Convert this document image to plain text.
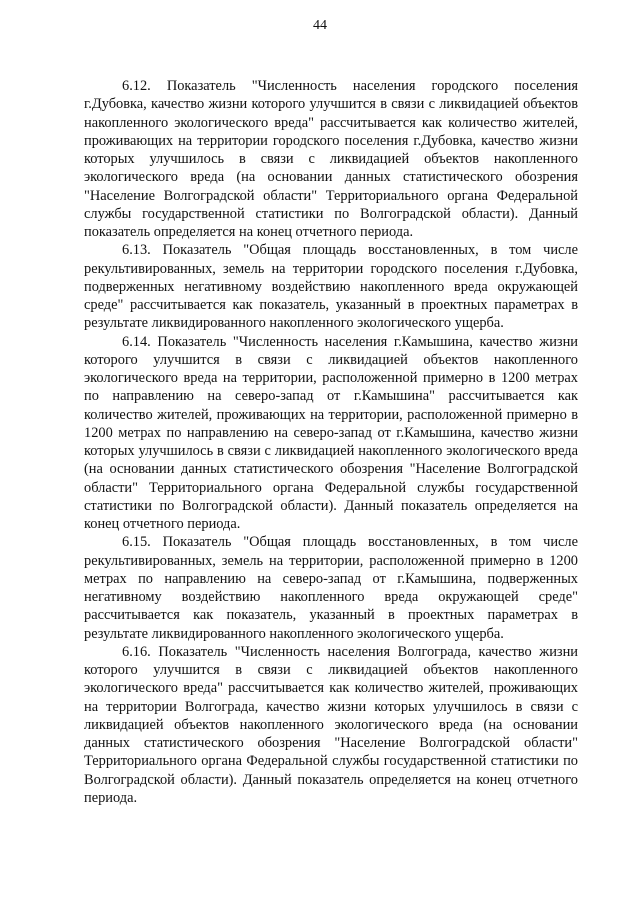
44

6.12. Показатель "Численность населения городского поселения г.Дубовка, качество жизни которого улучшится в связи с ликвидацией объектов накопленного экологического вреда" рассчитывается как количество жителей, проживающих на территории городского поселения г.Дубовка, качество жизни которых улучшилось в связи с ликвидацией объектов накопленного экологического вреда (на основании данных статистического обозрения "Население Волгоградской области" Территориального органа Федеральной службы государственной статистики по Волгоградской области). Данный показатель определяется на конец отчетного периода.

6.13. Показатель "Общая площадь восстановленных, в том числе рекультивированных, земель на территории городского поселения г.Дубовка, подверженных негативному воздействию накопленного вреда окружающей среде" рассчитывается как показатель, указанный в проектных параметрах в результате ликвидированного накопленного экологического ущерба.

6.14. Показатель "Численность населения г.Камышина, качество жизни которого улучшится в связи с ликвидацией объектов накопленного экологического вреда на территории, расположенной примерно в 1200 метрах по направлению на северо-запад от г.Камышина" рассчитывается как количество жителей, проживающих на территории, расположенной примерно в 1200 метрах по направлению на северо-запад от г.Камышина, качество жизни которых улучшилось в связи с ликвидацией накопленного экологического вреда (на основании данных статистического обозрения "Население Волгоградской области" Территориального органа Федеральной службы государственной статистики по Волгоградской области). Данный показатель определяется на конец отчетного периода.

6.15. Показатель "Общая площадь восстановленных, в том числе рекультивированных, земель на территории, расположенной примерно в 1200 метрах по направлению на северо-запад от г.Камышина, подверженных негативному воздействию накопленного вреда окружающей среде" рассчитывается как показатель, указанный в проектных параметрах в результате ликвидированного накопленного экологического ущерба.

6.16. Показатель "Численность населения Волгограда, качество жизни которого улучшится в связи с ликвидацией объектов накопленного экологического вреда" рассчитывается как количество жителей, проживающих на территории Волгограда, качество жизни которых улучшилось в связи с ликвидацией объектов накопленного экологического вреда (на основании данных статистического обозрения "Население Волгоградской области" Территориального органа Федеральной службы государственной статистики по Волгоградской области). Данный показатель определяется на конец отчетного периода.
